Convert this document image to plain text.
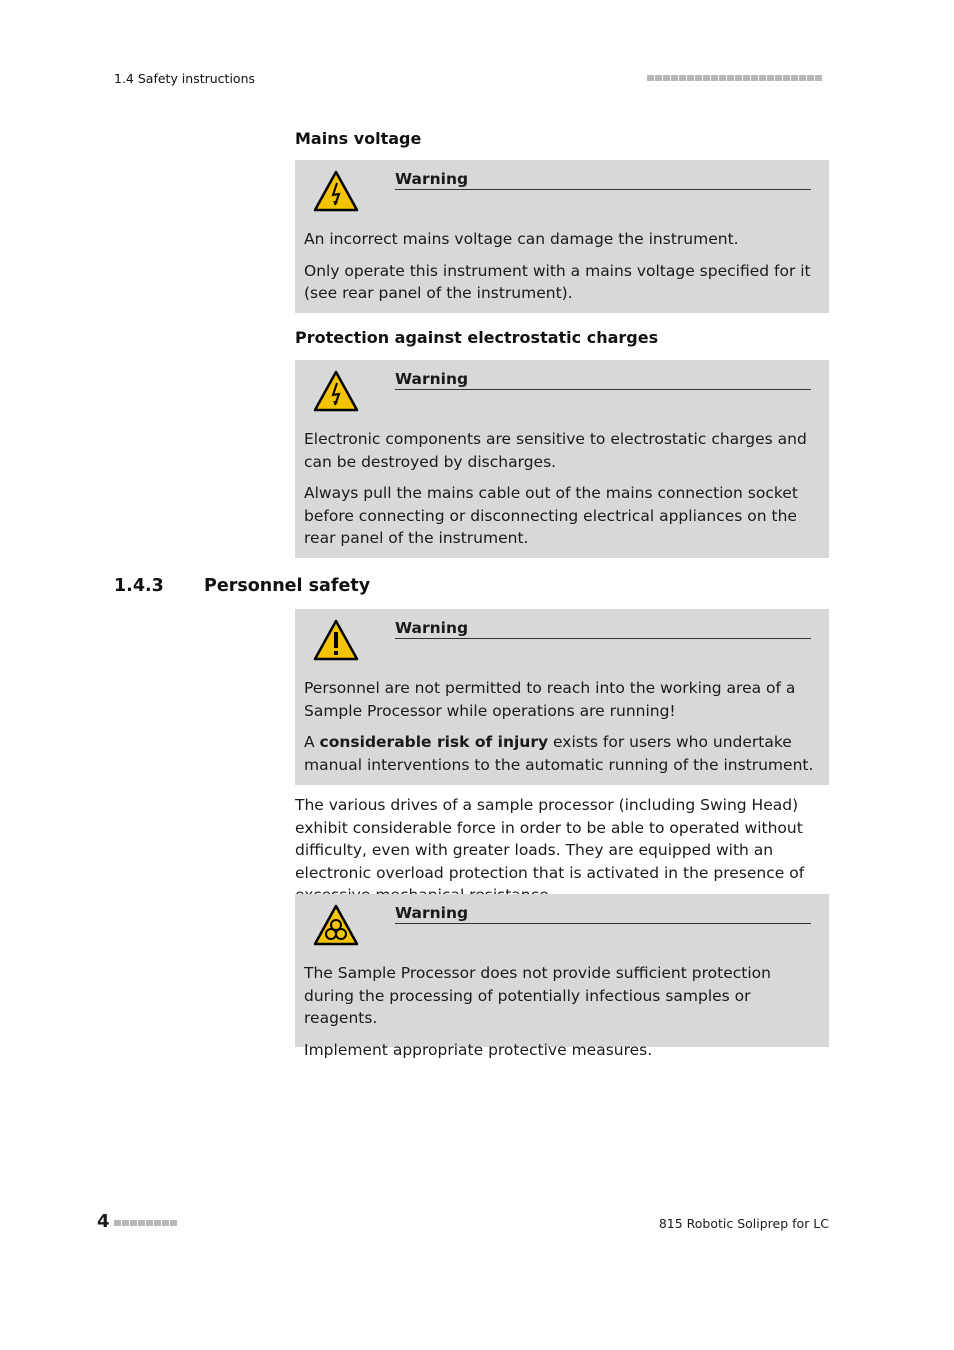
1.4 Safety instructions
Mains voltage
Warning

An incorrect mains voltage can damage the instrument.

Only operate this instrument with a mains voltage specified for it (see rear panel of the instrument).

Protection against electrostatic charges
Warning

Electronic components are sensitive to electrostatic charges and can be destroyed by discharges.

Always pull the mains cable out of the mains connection socket before connecting or disconnecting electrical appliances on the rear panel of the instrument.

1.4.3 Personnel safety
Warning

Personnel are not permitted to reach into the working area of a Sample Processor while operations are running!

A considerable risk of injury exists for users who undertake manual interventions to the automatic running of the instrument.

The various drives of a sample processor (including Swing Head) exhibit considerable force in order to be able to operated without difficulty, even with greater loads. They are equipped with an electronic overload protection that is activated in the presence of

Warning

The Sample Processor does not provide sufficient protection during the processing of potentially infectious samples or reagents.

Implement appropriate protective measures.

4	815 Robotic Soliprep for LC
